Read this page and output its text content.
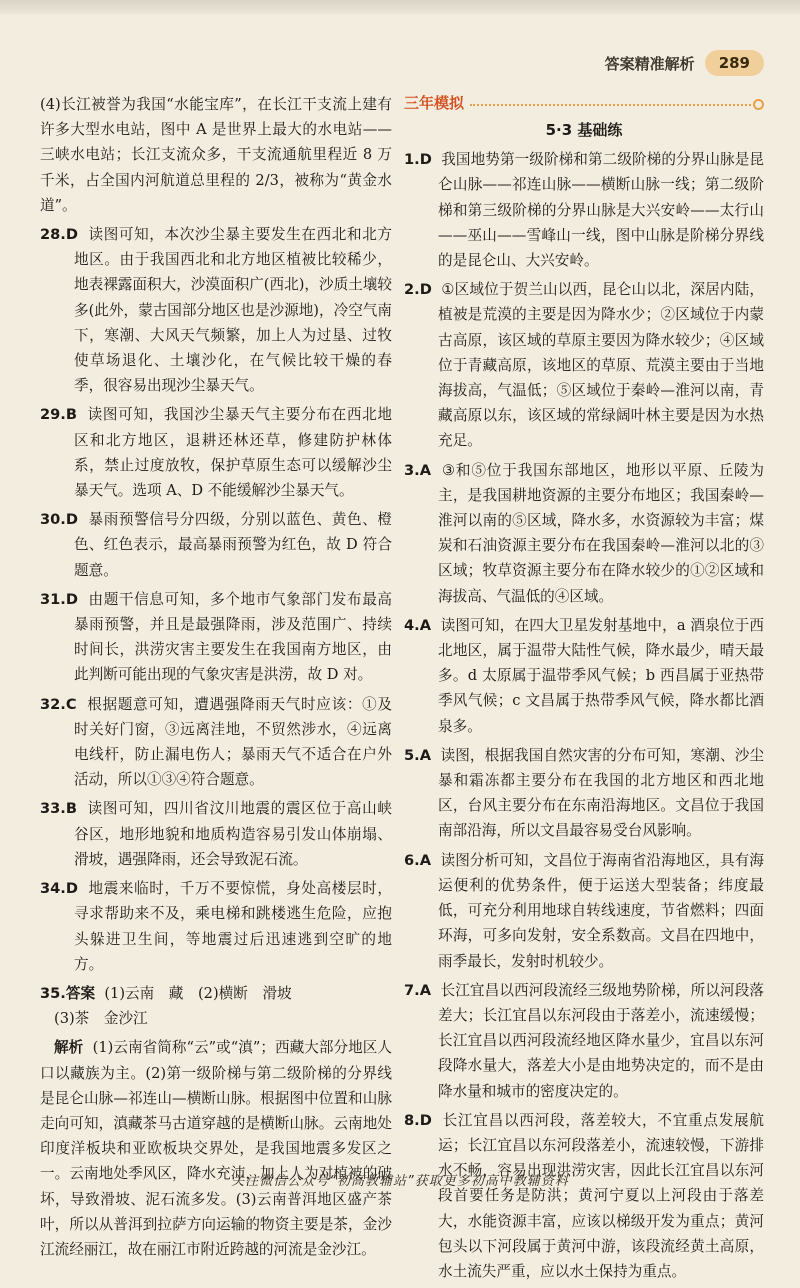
答案精准解析	289

(4)长江被誉为我国“水能宝库”，在长江干支流上建有许多大型水电站，图中 A 是世界上最大的水电站——三峡水电站；长江支流众多，干支流通航里程近 8 万千米，占全国内河航道总里程的 2/3，被称为“黄金水道”。

28.D 读图可知，本次沙尘暴主要发生在西北和北方地区。由于我国西北和北方地区植被比较稀少，地表裸露面积大，沙漠面积广(西北)，沙质土壤较多(此外，蒙古国部分地区也是沙源地)，冷空气南下，寒潮、大风天气频繁，加上人为过垦、过牧使草场退化、土壤沙化，在气候比较干燥的春季，很容易出现沙尘暴天气。

29.B 读图可知，我国沙尘暴天气主要分布在西北地区和北方地区，退耕还林还草，修建防护林体系，禁止过度放牧，保护草原生态可以缓解沙尘暴天气。选项 A、D 不能缓解沙尘暴天气。

30.D 暴雨预警信号分四级，分别以蓝色、黄色、橙色、红色表示，最高暴雨预警为红色，故 D 符合题意。

31.D 由题干信息可知，多个地市气象部门发布最高暴雨预警，并且是最强降雨，涉及范围广、持续时间长，洪涝灾害主要发生在我国南方地区，由此判断可能出现的气象灾害是洪涝，故 D 对。

32.C 根据题意可知，遭遇强降雨天气时应该：①及时关好门窗，③远离洼地，不贸然涉水，④远离电线杆，防止漏电伤人；暴雨天气不适合在户外活动，所以①③④符合题意。

33.B 读图可知，四川省汶川地震的震区位于高山峡谷区，地形地貌和地质构造容易引发山体崩塌、滑坡，遇强降雨，还会导致泥石流。

34.D 地震来临时，千万不要惊慌，身处高楼层时，寻求帮助来不及，乘电梯和跳楼逃生危险，应抱头躲进卫生间，等地震过后迅速逃到空旷的地方。

35.答案 (1)云南　藏　(2)横断　滑坡
(3)茶　金沙江

解析 (1)云南省简称“云”或“滇”；西藏大部分地区人口以藏族为主。(2)第一级阶梯与第二级阶梯的分界线是昆仑山脉—祁连山—横断山脉。根据图中位置和山脉走向可知，滇藏茶马古道穿越的是横断山脉。云南地处印度洋板块和亚欧板块交界处，是我国地震多发区之一。云南地处季风区，降水充沛，加上人为对植被的破坏，导致滑坡、泥石流多发。(3)云南普洱地区盛产茶叶，所以从普洱到拉萨方向运输的物资主要是茶，金沙江流经丽江，故在丽江市附近跨越的河流是金沙江。

三年模拟
5·3 基础练

1.D 我国地势第一级阶梯和第二级阶梯的分界山脉是昆仑山脉——祁连山脉——横断山脉一线；第二级阶梯和第三级阶梯的分界山脉是大兴安岭——太行山——巫山——雪峰山一线，图中山脉是阶梯分界线的是昆仑山、大兴安岭。

2.D ①区域位于贺兰山以西，昆仑山以北，深居内陆，植被是荒漠的主要是因为降水少；②区域位于内蒙古高原，该区域的草原主要因为降水较少；④区域位于青藏高原，该地区的草原、荒漠主要由于当地海拔高，气温低；⑤区域位于秦岭—淮河以南，青藏高原以东，该区域的常绿阔叶林主要是因为水热充足。

3.A ③和⑤位于我国东部地区，地形以平原、丘陵为主，是我国耕地资源的主要分布地区；我国秦岭—淮河以南的⑤区域，降水多，水资源较为丰富；煤炭和石油资源主要分布在我国秦岭—淮河以北的③区域；牧草资源主要分布在降水较少的①②区域和海拔高、气温低的④区域。

4.A 读图可知，在四大卫星发射基地中，a 酒泉位于西北地区，属于温带大陆性气候，降水最少，晴天最多。d 太原属于温带季风气候；b 西昌属于亚热带季风气候；c 文昌属于热带季风气候，降水都比酒泉多。

5.A 读图，根据我国自然灾害的分布可知，寒潮、沙尘暴和霜冻都主要分布在我国的北方地区和西北地区，台风主要分布在东南沿海地区。文昌位于我国南部沿海，所以文昌最容易受台风影响。

6.A 读图分析可知，文昌位于海南省沿海地区，具有海运便利的优势条件，便于运送大型装备；纬度最低，可充分利用地球自转线速度，节省燃料；四面环海，可多向发射，安全系数高。文昌在四地中，雨季最长，发射时机较少。

7.A 长江宜昌以西河段流经三级地势阶梯，所以河段落差大；长江宜昌以东河段由于落差小，流速缓慢；长江宜昌以西河段流经地区降水量少，宜昌以东河段降水量大，落差大小是由地势决定的，而不是由降水量和城市的密度决定的。

8.D 长江宜昌以西河段，落差较大，不宜重点发展航运；长江宜昌以东河段落差小，流速较慢，下游排水不畅，容易出现洪涝灾害，因此长江宜昌以东河段首要任务是防洪；黄河宁夏以上河段由于落差大，水能资源丰富，应该以梯级开发为重点；黄河包头以下河段属于黄河中游，该段流经黄土高原，水土流失严重，应以水土保持为重点。

关注微信公众号“初高教辅站”获取更多初高中教辅资料
